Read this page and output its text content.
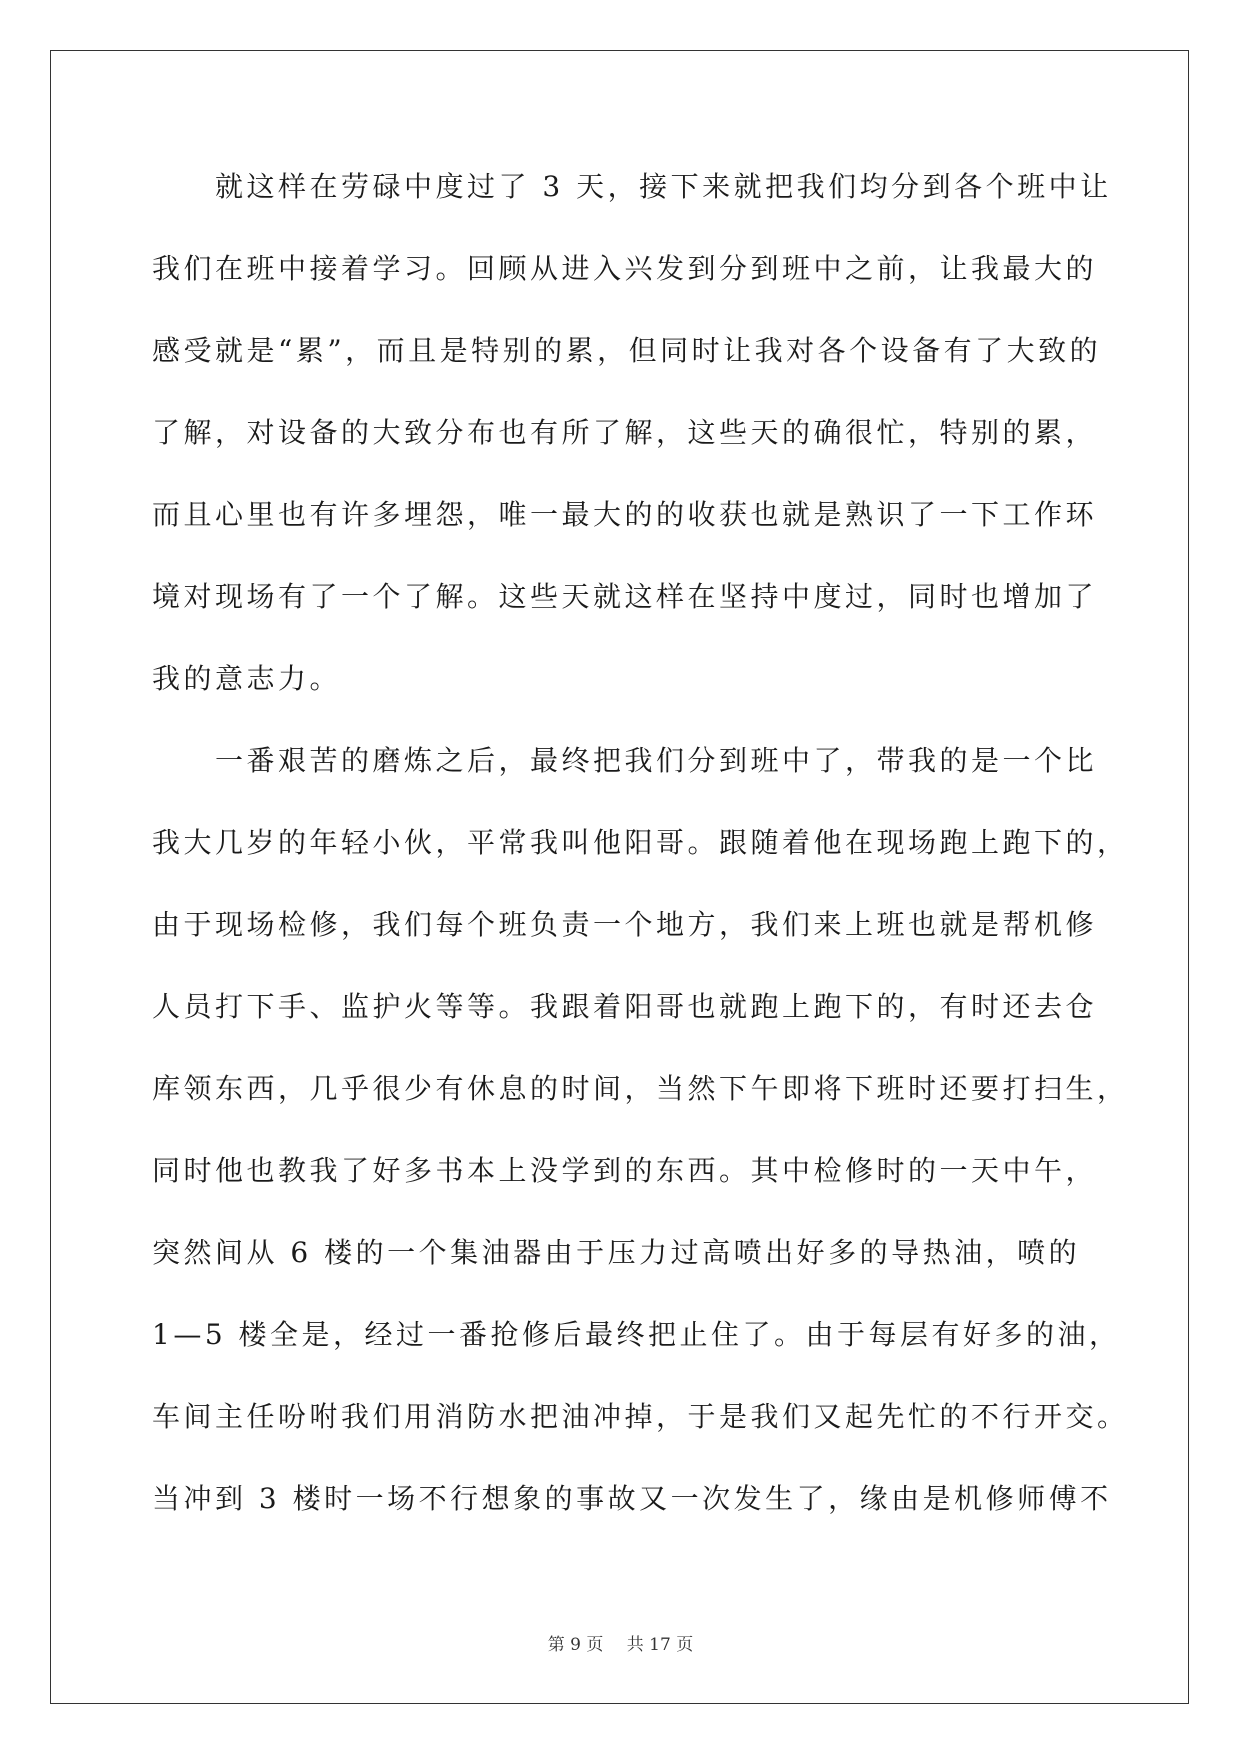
　　就这样在劳碌中度过了 3 天，接下来就把我们均分到各个班中让
我们在班中接着学习。回顾从进入兴发到分到班中之前，让我最大的
感受就是“累”，而且是特别的累，但同时让我对各个设备有了大致的
了解，对设备的大致分布也有所了解，这些天的确很忙，特别的累，
而且心里也有许多埋怨，唯一最大的的收获也就是熟识了一下工作环
境对现场有了一个了解。这些天就这样在坚持中度过，同时也增加了
我的意志力。
　　一番艰苦的磨炼之后，最终把我们分到班中了，带我的是一个比
我大几岁的年轻小伙，平常我叫他阳哥。跟随着他在现场跑上跑下的，
由于现场检修，我们每个班负责一个地方，我们来上班也就是帮机修
人员打下手、监护火等等。我跟着阳哥也就跑上跑下的，有时还去仓
库领东西，几乎很少有休息的时间，当然下午即将下班时还要打扫生，
同时他也教我了好多书本上没学到的东西。其中检修时的一天中午，
突然间从 6 楼的一个集油器由于压力过高喷出好多的导热油，喷的
1—5 楼全是，经过一番抢修后最终把止住了。由于每层有好多的油，
车间主任吩咐我们用消防水把油冲掉，于是我们又起先忙的不行开交。
当冲到 3 楼时一场不行想象的事故又一次发生了，缘由是机修师傅不
第 9 页 共 17 页
